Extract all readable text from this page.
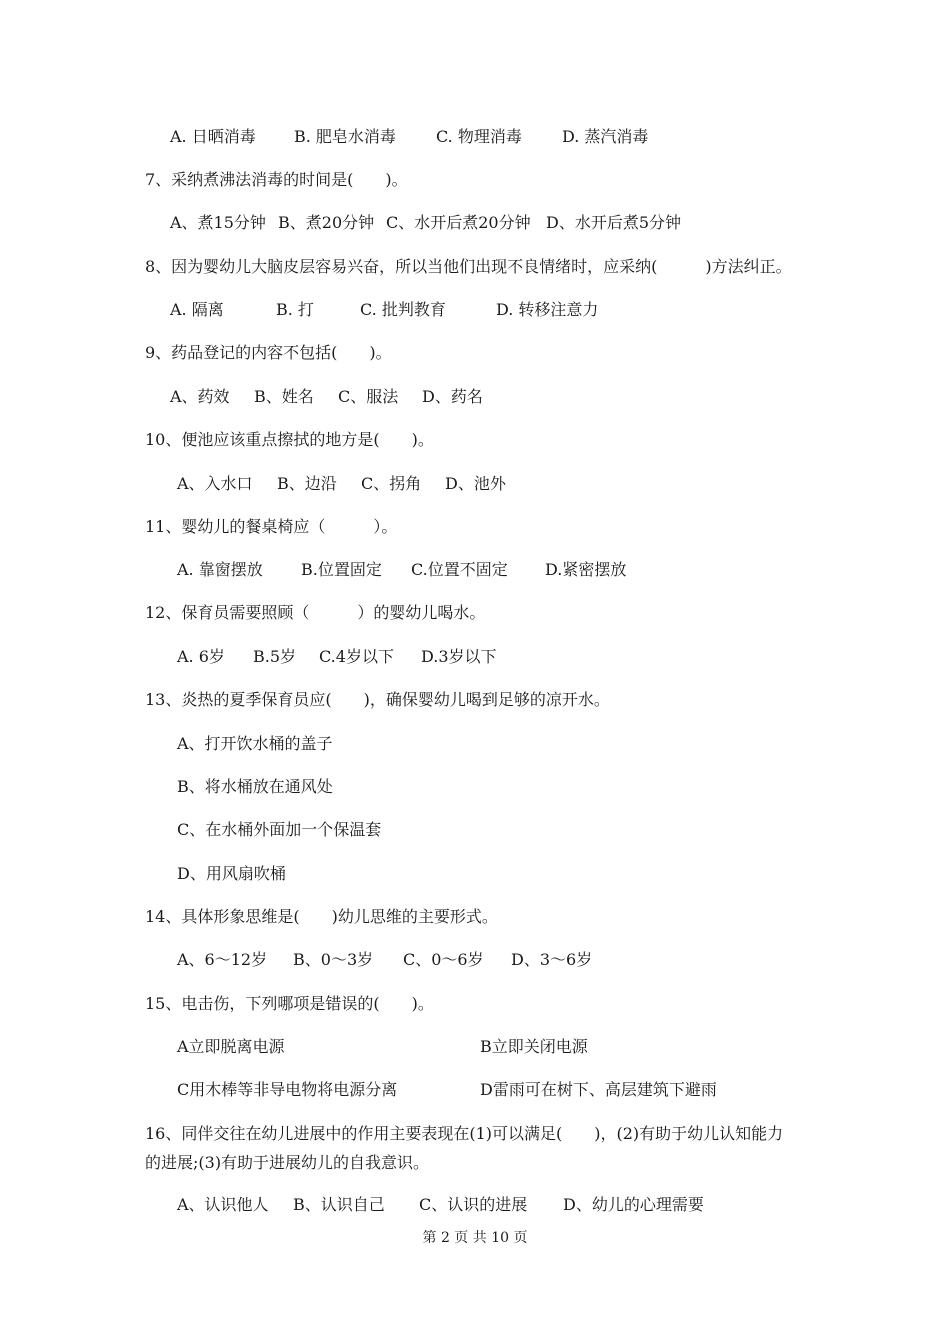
A. 日晒消毒 B. 肥皂水消毒	C. 物理消毒	D. 蒸汽消毒
7、采纳煮沸法消毒的时间是(　　)。
A、煮15分钟 B、煮20分钟 C、水开后煮20分钟 D、水开后煮5分钟
8、因为婴幼儿大脑皮层容易兴奋，所以当他们出现不良情绪时，应采纳(　　　)方法纠正。
A. 隔离	B. 打	C. 批判教育	D. 转移注意力
9、药品登记的内容不包括(　　)。
A、药效 B、姓名 C、服法 D、药名
10、便池应该重点擦拭的地方是(　　)。
A、入水口 B、边沿 C、拐角 D、池外
11、婴幼儿的餐桌椅应（　　　）。
A. 靠窗摆放 B.位置固定 C.位置不固定 D.紧密摆放
12、保育员需要照顾（　　　）的婴幼儿喝水。
A. 6岁 B.5岁 C.4岁以下 D.3岁以下
13、炎热的夏季保育员应(　　)，确保婴幼儿喝到足够的凉开水。
A、打开饮水桶的盖子
B、将水桶放在通风处
C、在水桶外面加一个保温套
D、用风扇吹桶
14、具体形象思维是(　　)幼儿思维的主要形式。
A、6～12岁 B、0～3岁 C、0～6岁 D、3～6岁
15、电击伤，下列哪项是错误的(　　)。
A立即脱离电源	B立即关闭电源
C用木棒等非导电物将电源分离	D雷雨可在树下、高层建筑下避雨
16、同伴交往在幼儿进展中的作用主要表现在(1)可以满足(　　)，(2)有助于幼儿认知能力
的进展;(3)有助于进展幼儿的自我意识。
A、认识他人 B、认识自己 C、认识的进展 D、幼儿的心理需要
第 2 页 共 10 页
